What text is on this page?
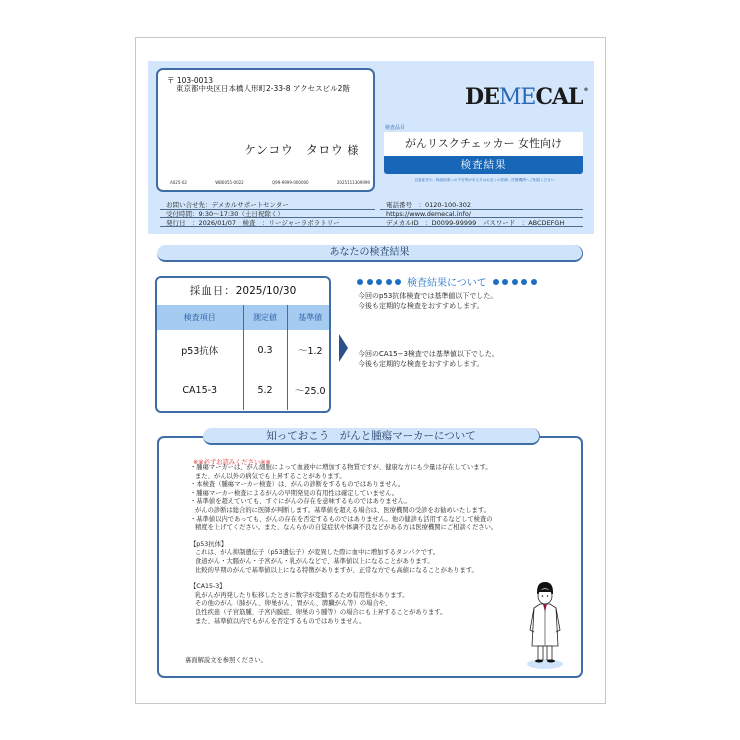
〒 103-0013
東京都中央区日本橋人形町2-33-8 アクセスビル2階
ケンコウ　タロウ 様
A025-02	WB6055-0022	Q99-9999-000000	2025111309999
DEMECAL®
検査品目
がんリスクチェッカー 女性向け
検査結果
自覚症状や、検査結果への不安等がある方はお近くの医師、医療機関へご相談ください
お問い合せ先：デメカルサポートセンター	電話番号　：0120-100-302
受付時間：9:30〜17:30（土日祝除く）	https://www.demecal.info/
発行日　：2026/01/07　検査　：リージャーラボラトリー	デメカルID　：D0099-99999　パスワード　：ABCDEFGH
あなたの検査結果
採血日：2025/10/30
検査項目	測定値	基準値
p53抗体	0.3	〜1.2
CA15-3	5.2	〜25.0
検査結果について
今回のp53抗体検査では基準値以下でした。
今後も定期的な検査をおすすめします。
今回のCA15−3検査では基準値以下でした。
今後も定期的な検査をおすすめします。
知っておこう　がんと腫瘍マーカーについて
※※必ずお読みください※※
・腫瘍マーカーは、がん細胞によって血液中に増加する物質ですが、健康な方にも少量は存在しています。
また、がん以外の病気でも上昇することがあります。
・本検査（腫瘍マーカー検査）は、がんの診断をするものではありません。
・腫瘍マーカー検査によるがんの早期発見の有用性は確定していません。
・基準値を超えていても、すぐにがんの存在を意味するものではありません。
がんの診断は総合的に医師が判断します。基準値を超える場合は、医療機関の受診をお勧めいたします。
・基準値以内であっても、がんの存在を否定するものではありません。他の健診も活用するなどして検査の
精度を上げてください。また、なんらかの自覚症状や体調不良などがある方は医療機関にご相談ください。
【p53抗体】
これは、がん抑制遺伝子（p53遺伝子）が変異した際に血中に増加するタンパクです。
食道がん・大腸がん・子宮がん・乳がんなどで、基準値以上になることがあります。
比較的早期のがんで基準値以上になる特徴がありますが、正常な方でも高値になることがあります。
【CA15-3】
乳がんが再発したり転移したときに数字が変動するため有用性があります。
その他のがん（肺がん、卵巣がん、胃がん、膵臓がん等）の場合や、
良性疾患（子宮筋腫、子宮内膜症、卵巣のう腫等）の場合にも上昇することがあります。
また、基準値以内でもがんを否定するものではありません。
裏面解説文を参照ください。
